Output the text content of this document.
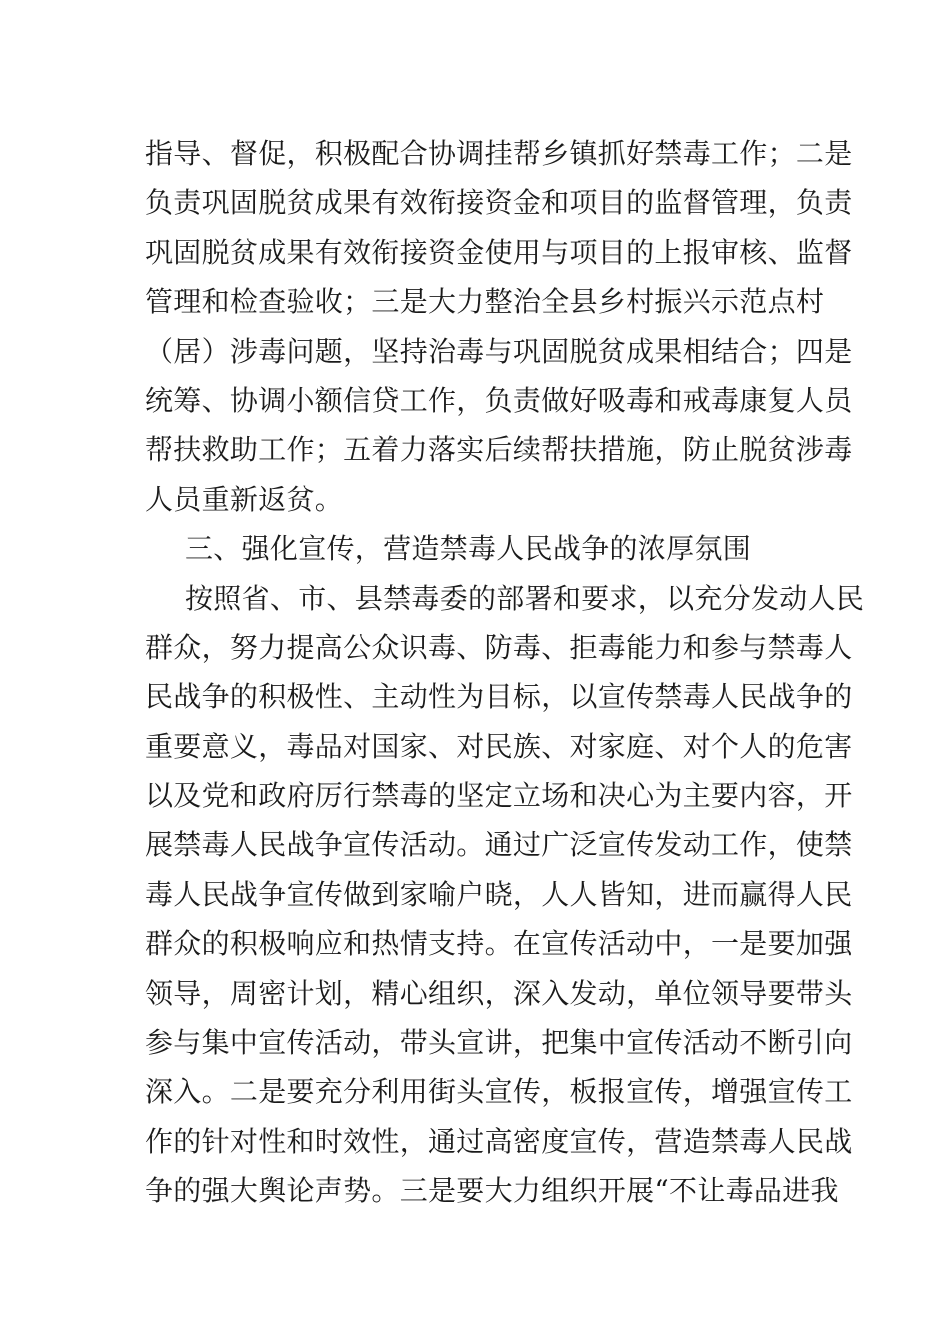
指导、督促，积极配合协调挂帮乡镇抓好禁毒工作；二是
负责巩固脱贫成果有效衔接资金和项目的监督管理，负责
巩固脱贫成果有效衔接资金使用与项目的上报审核、监督
管理和检查验收；三是大力整治全县乡村振兴示范点村
（居）涉毒问题，坚持治毒与巩固脱贫成果相结合；四是
统筹、协调小额信贷工作，负责做好吸毒和戒毒康复人员
帮扶救助工作；五着力落实后续帮扶措施，防止脱贫涉毒
人员重新返贫。
三、强化宣传，营造禁毒人民战争的浓厚氛围
按照省、市、县禁毒委的部署和要求，以充分发动人民
群众，努力提高公众识毒、防毒、拒毒能力和参与禁毒人
民战争的积极性、主动性为目标，以宣传禁毒人民战争的
重要意义，毒品对国家、对民族、对家庭、对个人的危害
以及党和政府厉行禁毒的坚定立场和决心为主要内容，开
展禁毒人民战争宣传活动。通过广泛宣传发动工作，使禁
毒人民战争宣传做到家喻户晓，人人皆知，进而赢得人民
群众的积极响应和热情支持。在宣传活动中，一是要加强
领导，周密计划，精心组织，深入发动，单位领导要带头
参与集中宣传活动，带头宣讲，把集中宣传活动不断引向
深入。二是要充分利用街头宣传，板报宣传，增强宣传工
作的针对性和时效性，通过高密度宣传，营造禁毒人民战
争的强大舆论声势。三是要大力组织开展“不让毒品进我
